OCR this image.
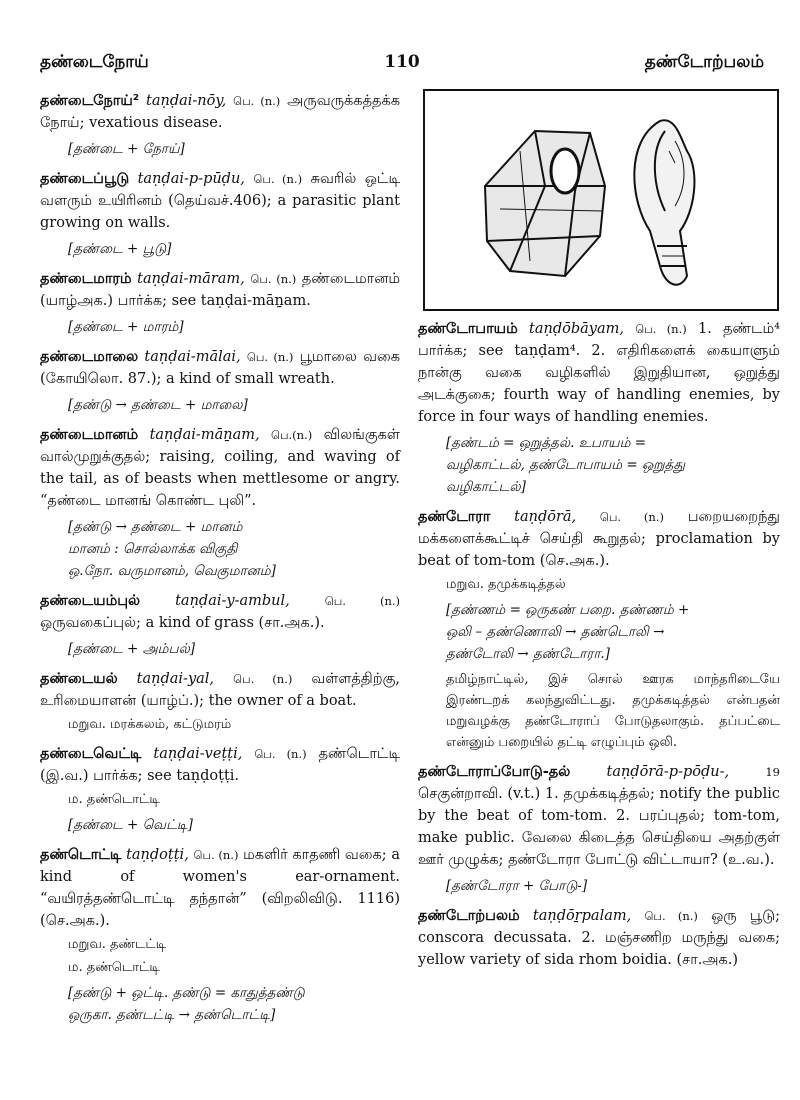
தண்டைநோய்	110	தண்டோற்பலம்
தண்டைநோய்² taṇḍai-nōy, பெ. (n.) அருவருக்கத்தக்க நோய்; vexatious disease.
[தண்டை + நோய்]
தண்டைப்பூடு taṇḍai-p-pūḍu, பெ. (n.) சுவரில் ஒட்டி வளரும் உயிரினம் (தெய்வச்.406); a parasitic plant growing on walls.
[தண்டை + பூடு]
தண்டைமாரம் taṇḍai-māram, பெ. (n.) தண்டைமானம் (யாழ்அக.) பார்க்க; see taṇḍai-māṉam.
[தண்டை + மாரம்]
தண்டைமாலை taṇḍai-mālai, பெ. (n.) பூமாலை வகை (கோயிலொ. 87.); a kind of small wreath.
[தண்டு → தண்டை + மாலை]
தண்டைமானம் taṇḍai-māṉam, பெ.(n.) விலங்குகள் வால்முறுக்குதல்; raising, coiling, and waving of the tail, as of beasts when mettlesome or angry. “தண்டை மானங் கொண்ட புலி”.
[தண்டு → தண்டை + மானம்
மானம் : சொல்லாக்க விகுதி
ஒ.நோ. வருமானம், வெகுமானம்]
தண்டையம்புல் taṇḍai-y-ambul,	பெ. (n.) ஒருவகைப்புல்; a kind of grass (சா.அக.).
[தண்டை + அம்பல்]
தண்டையல் taṇḍai-yal, பெ. (n.) வள்ளத்திற்கு, உரிமையாளன் (யாழ்ப்.); the owner of a boat.
மறுவ. மரக்கலம், கட்டுமரம்
தண்டைவெட்டி taṇḍai-veṭṭi, பெ. (n.) தண்டொட்டி (இ.வ.) பார்க்க; see taṇḍoṭṭi.
ம. தண்டொட்டி
[தண்டை + வெட்டி]
தண்டொட்டி taṇḍoṭṭi, பெ. (n.) மகளிர் காதணி வகை; a kind of women's ear-ornament. “வயிரத்தண்டொட்டி தந்தான்” (விறலிவிடு. 1116) (செ.அக.).
மறுவ. தண்டட்டி
ம. தண்டொட்டி
[தண்டு + ஒட்டி. தண்டு = காதுத்தண்டு
ஒருகா. தண்டட்டி → தண்டொட்டி]
தண்டோபாயம் taṇḍōbāyam, பெ. (n.) 1. தண்டம்⁴ பார்க்க; see taṇḍam⁴. 2. எதிரிகளைக் கையாளும் நான்கு வகை வழிகளில் இறுதியான, ஒறுத்து அடக்குகை; fourth way of handling enemies, by force in four ways of handling enemies.
[தண்டம் = ஒறுத்தல். உபாயம் =
வழிகாட்டல், தண்டோபாயம் = ஒறுத்து
வழிகாட்டல்]
தண்டோரா taṇḍōrā, பெ. (n.) பறையறைந்து மக்களைக்கூட்டிச் செய்தி கூறுதல்; proclamation by beat of tom-tom (செ.அக.).
மறுவ. தமுக்கடித்தல்
[தண்ணம் = ஒருகண் பறை. தண்ணம் +
ஒலி – தண்ணொலி → தண்டொலி →
தண்டோலி → தண்டோரா.]
தமிழ்நாட்டில், இச் சொல் ஊரக மாந்தரிடையே இரண்டறக் கலந்துவிட்டது. தமுக்கடித்தல் என்பதன் மறுவழக்கு தண்டோராப் போடுதலாகும். தப்பட்டை என்னும் பறையில் தட்டி எழுப்பும் ஒலி.
தண்டோராப்போடு-தல் taṇḍōrā-p-pōḍu-,	19 செகுன்றாவி. (v.t.) 1. தமுக்கடித்தல்; notify the public by the beat of tom-tom. 2. பரப்புதல்; tom-tom, make public. வேலை கிடைத்த செய்தியை அதற்குள் ஊர் முழுக்க; தண்டோரா போட்டு விட்டாயா? (உ.வ.).
[தண்டோரா + போடு-]
தண்டோற்பலம் taṇḍōṟpalam, பெ. (n.) ஒரு பூடு; conscora decussata. 2. மஞ்சணிற மருந்து வகை; yellow variety of sida rhom boidia. (சா.அக.)
